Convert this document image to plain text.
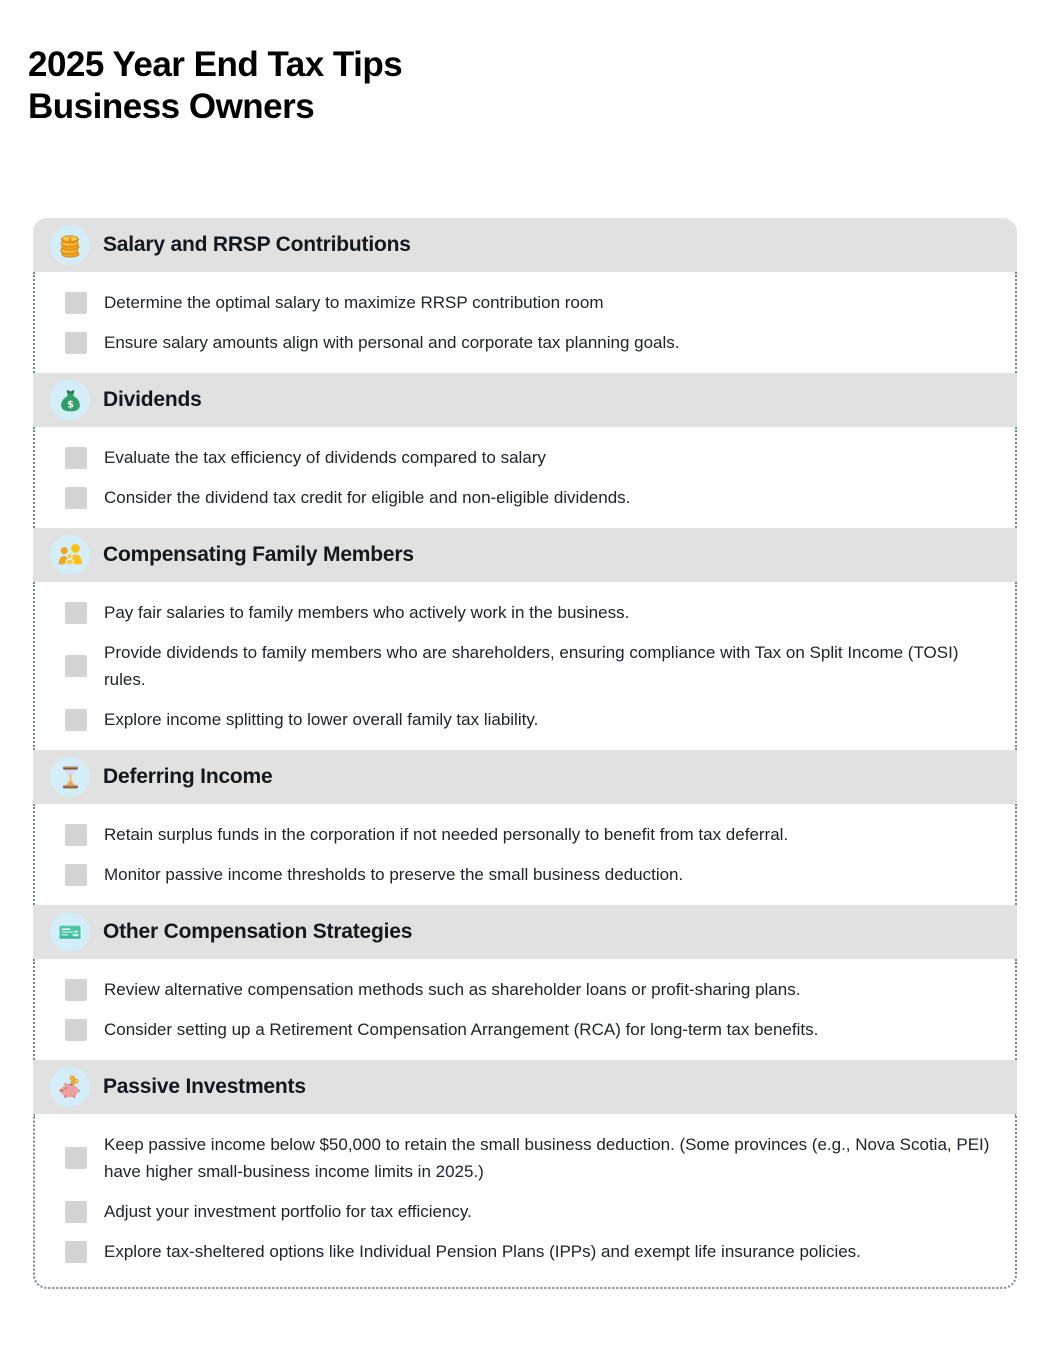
2025 Year End Tax Tips
Business Owners
$ Salary and RRSP Contributions
Determine the optimal salary to maximize RRSP contribution room
Ensure salary amounts align with personal and corporate tax planning goals.
$ Dividends
Evaluate the tax efficiency of dividends compared to salary
Consider the dividend tax credit for eligible and non-eligible dividends.
Compensating Family Members
Pay fair salaries to family members who actively work in the business.
Provide dividends to family members who are shareholders, ensuring compliance with Tax on Split Income (TOSI) rules.
Explore income splitting to lower overall family tax liability.
Deferring Income
Retain surplus funds in the corporation if not needed personally to benefit from tax deferral.
Monitor passive income thresholds to preserve the small business deduction.
Other Compensation Strategies
Review alternative compensation methods such as shareholder loans or profit-sharing plans.
Consider setting up a Retirement Compensation Arrangement (RCA) for long-term tax benefits.
Passive Investments
Keep passive income below $50,000 to retain the small business deduction. (Some provinces (e.g., Nova Scotia, PEI) have higher small-business income limits in 2025.)
Adjust your investment portfolio for tax efficiency.
Explore tax-sheltered options like Individual Pension Plans (IPPs) and exempt life insurance policies.
